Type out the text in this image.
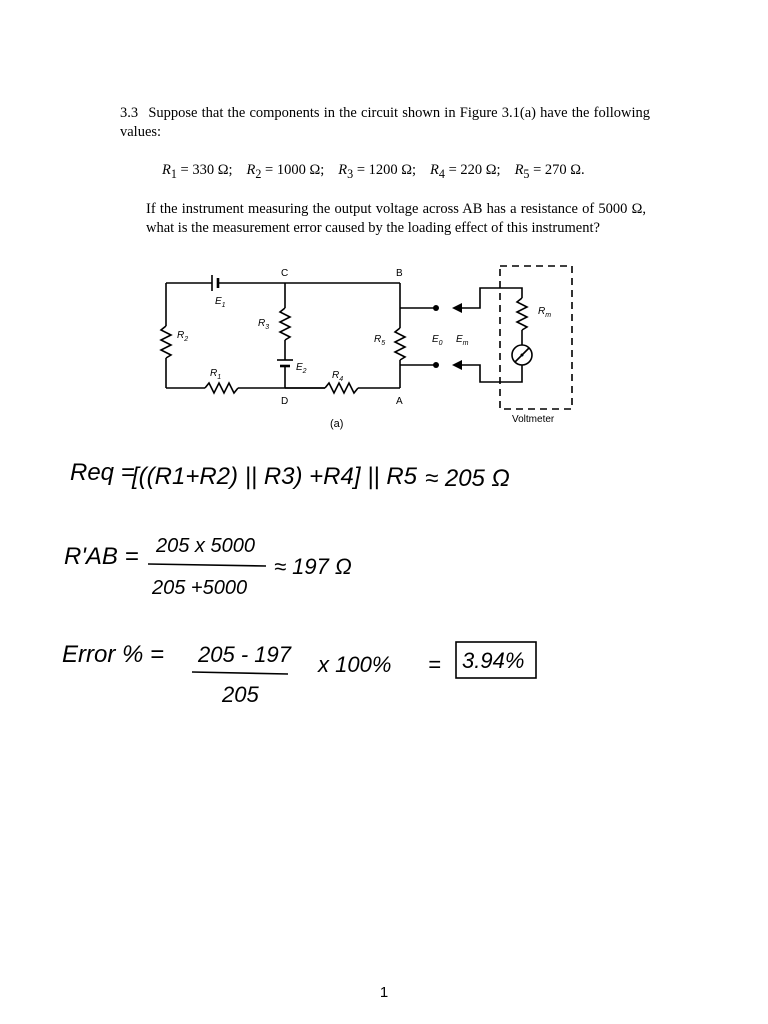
3.3 Suppose that the components in the circuit shown in Figure 3.1(a) have the following values:
$R_1 = 330$ Ω; $R_2 = 1000$ Ω; $R_3 = 1200$ Ω; $R_4 = 220$ Ω; $R_5 = 270$ Ω.
If the instrument measuring the output voltage across AB has a resistance of 5000 Ω, what is the measurement error caused by the loading effect of this instrument?
C	B
D	A
$E_1$
$R_2$
$R_3$
$E_2$
$R_1$	$R_4$
$R_5$	$E_0$ $E_m$
$R_m$
Voltmeter
(a)
Req =
[((R1+R2) || R3) +R4] || R5 ≈ 205 Ω
R'AB = 205 x 5000
205 +5000
≈ 197 Ω
Error % = 205 - 197
205
x 100% = 3.94%
1
